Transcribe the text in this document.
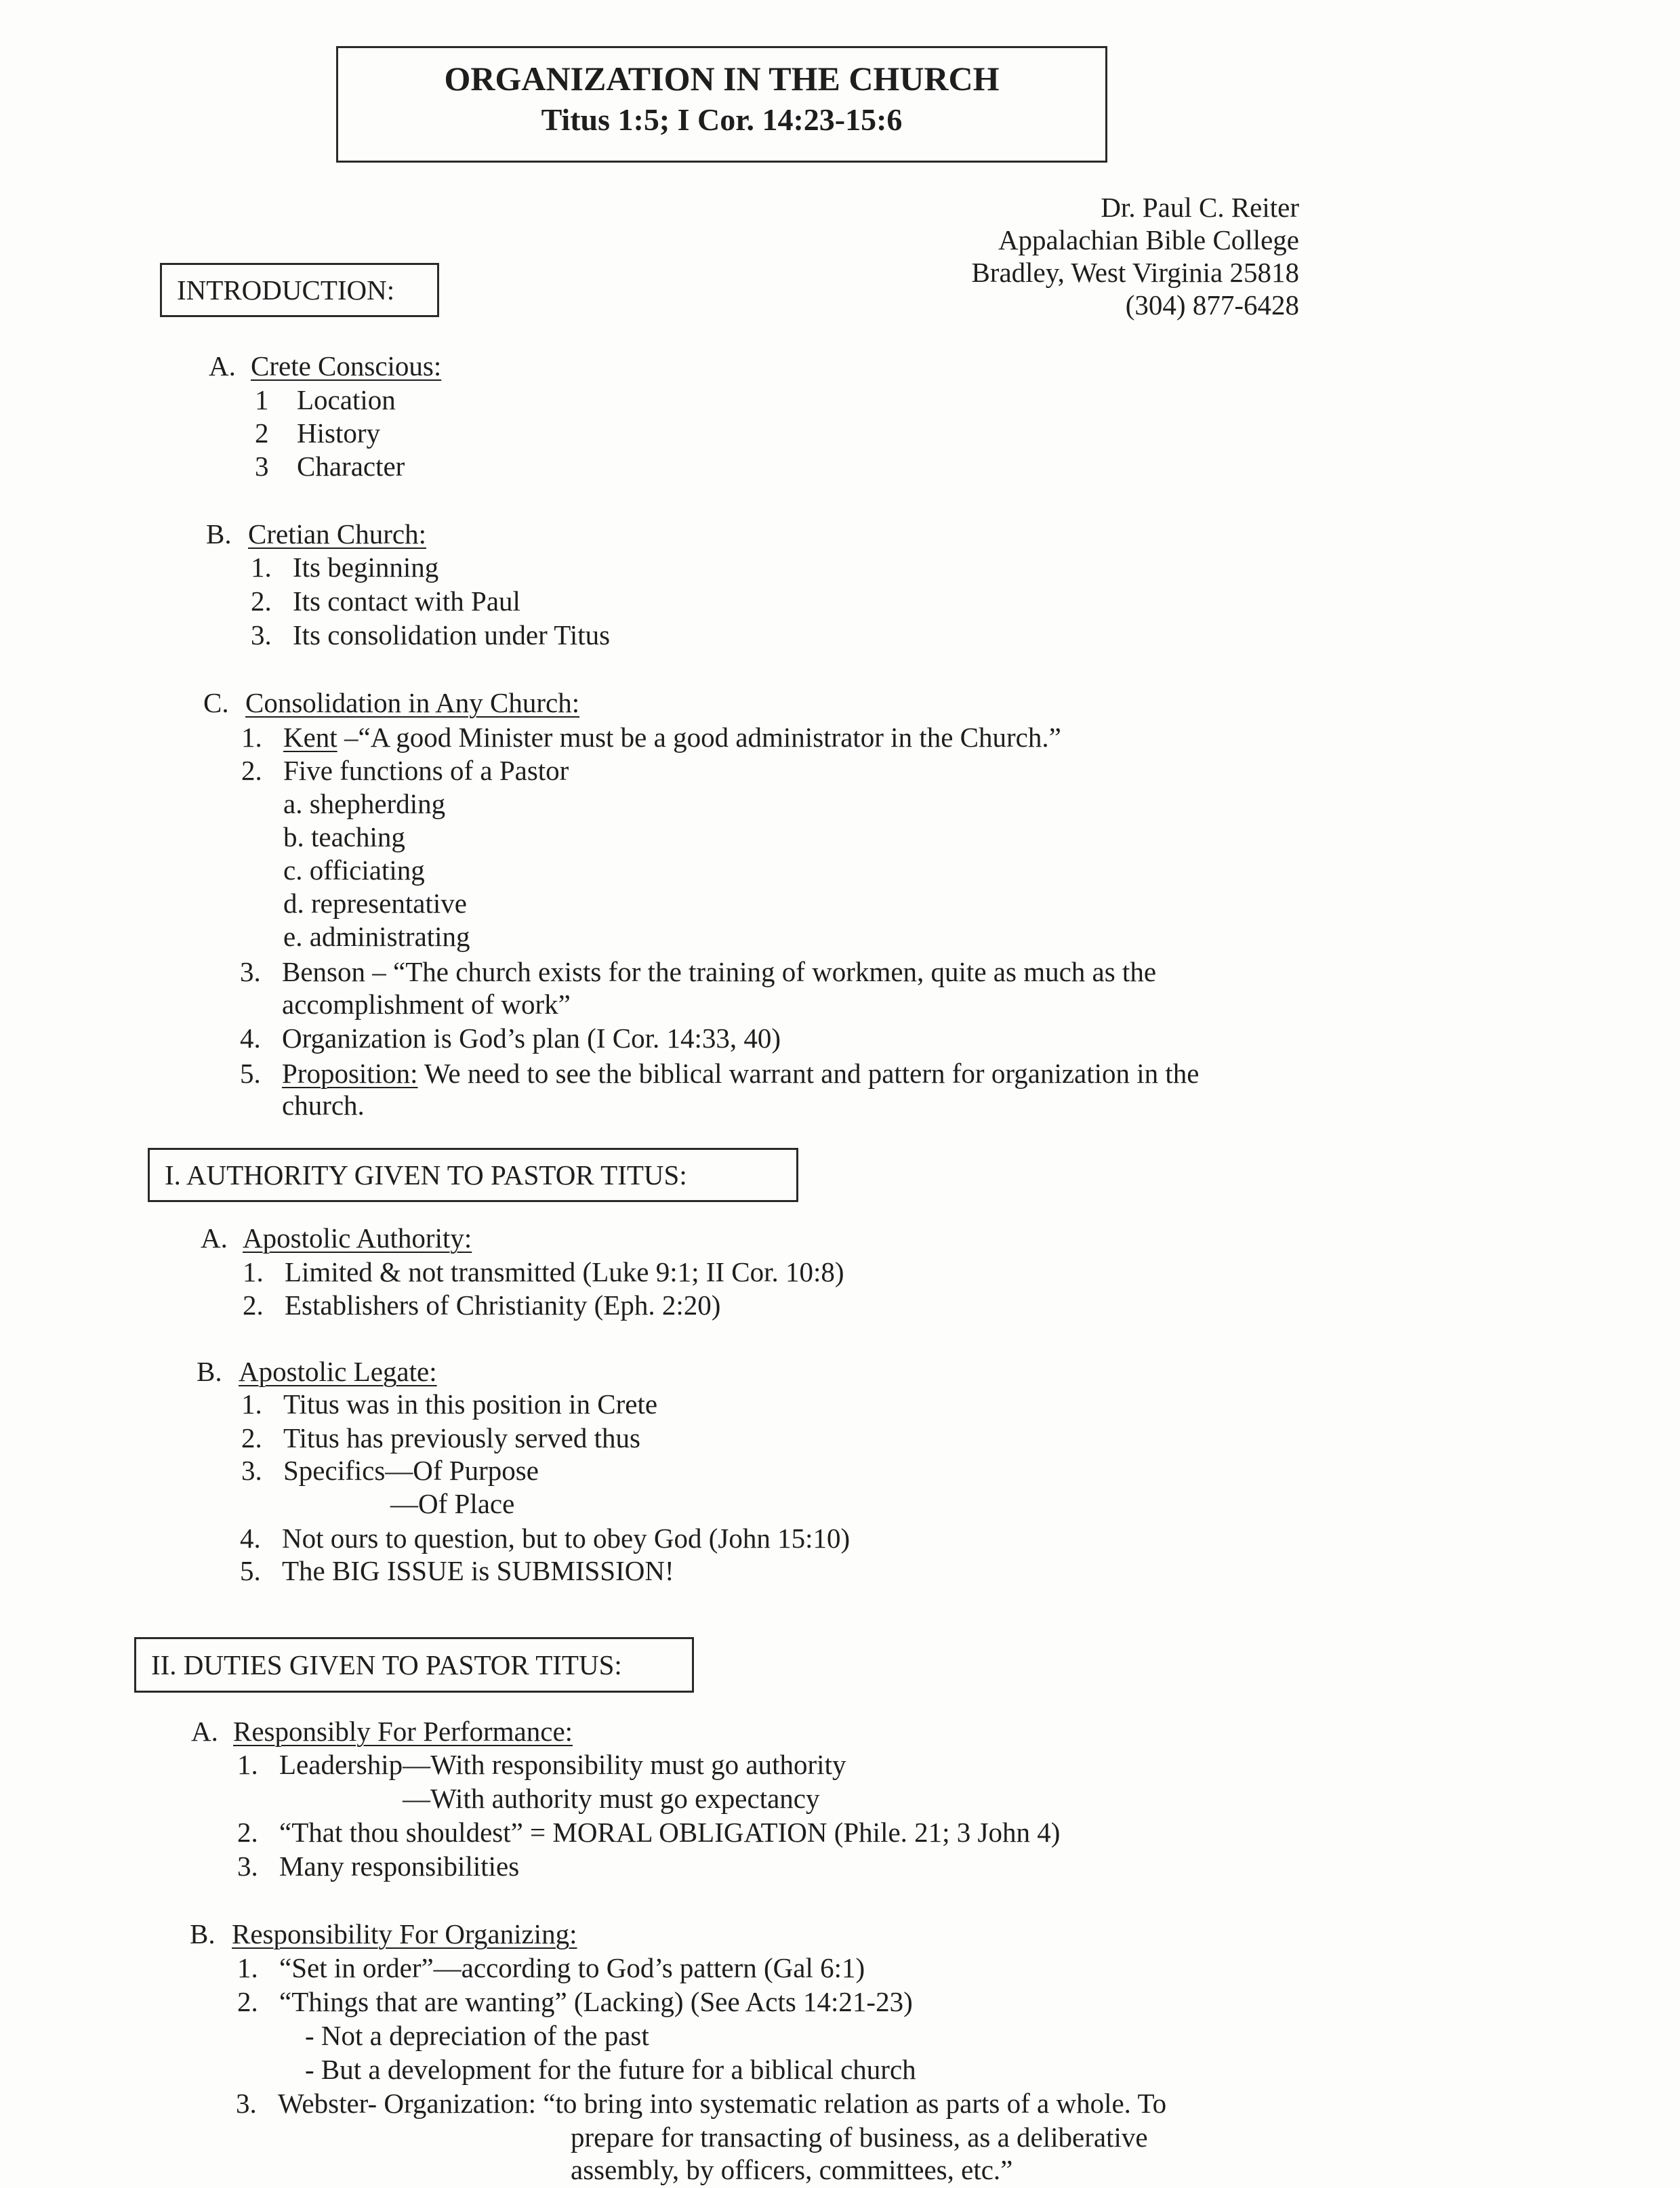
ORGANIZATION IN THE CHURCH
Titus 1:5; I Cor. 14:23-15:6
Dr. Paul C. Reiter
Appalachian Bible College
Bradley, West Virginia 25818
(304) 877-6428
INTRODUCTION:
A. Crete Conscious:
1 Location
2 History
3 Character
B. Cretian Church:
1. Its beginning
2. Its contact with Paul
3. Its consolidation under Titus
C. Consolidation in Any Church:
1. Kent –“A good Minister must be a good administrator in the Church.”
2. Five functions of a Pastor
a. shepherding
b. teaching
c. officiating
d. representative
e. administrating
3. Benson – “The church exists for the training of workmen, quite as much as the
accomplishment of work”
4. Organization is God’s plan (I Cor. 14:33, 40)
5. Proposition: We need to see the biblical warrant and pattern for organization in the
church.
I. AUTHORITY GIVEN TO PASTOR TITUS:
A. Apostolic Authority:
1. Limited & not transmitted (Luke 9:1; II Cor. 10:8)
2. Establishers of Christianity (Eph. 2:20)
B. Apostolic Legate:
1. Titus was in this position in Crete
2. Titus has previously served thus
3. Specifics—Of Purpose
—Of Place
4. Not ours to question, but to obey God (John 15:10)
5. The BIG ISSUE is SUBMISSION!
II. DUTIES GIVEN TO PASTOR TITUS:
A. Responsibly For Performance:
1. Leadership—With responsibility must go authority
—With authority must go expectancy
2. “That thou shouldest” = MORAL OBLIGATION (Phile. 21; 3 John 4)
3. Many responsibilities
B. Responsibility For Organizing:
1. “Set in order”—according to God’s pattern (Gal 6:1)
2. “Things that are wanting” (Lacking) (See Acts 14:21-23)
- Not a depreciation of the past
- But a development for the future for a biblical church
3. Webster- Organization: “to bring into systematic relation as parts of a whole. To
prepare for transacting of business, as a deliberative
assembly, by officers, committees, etc.”
